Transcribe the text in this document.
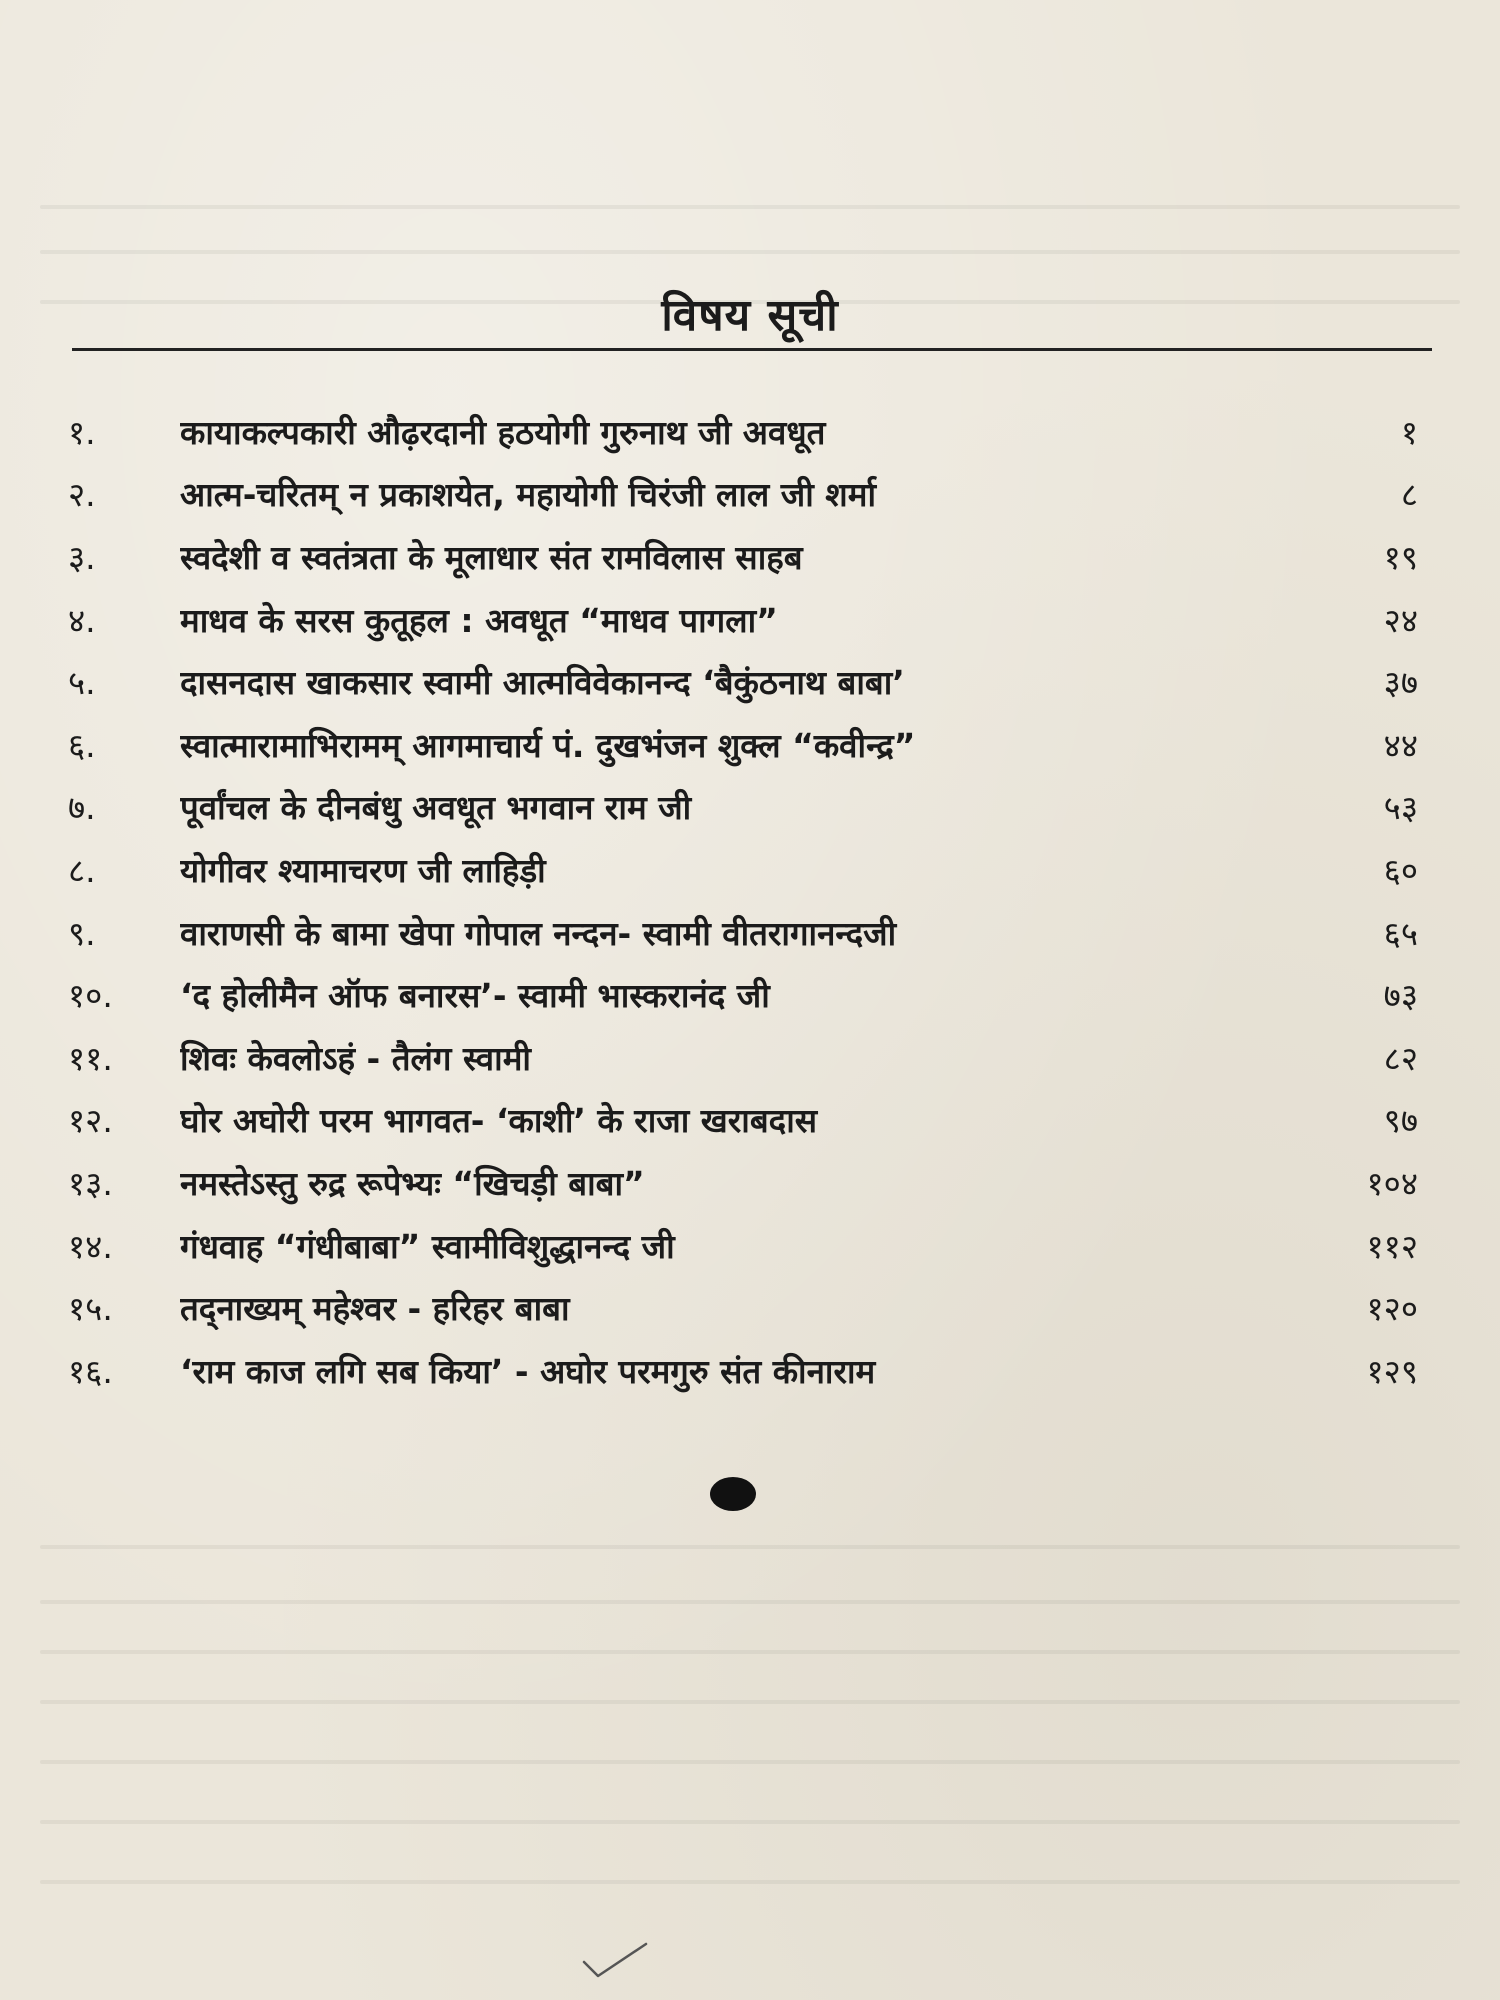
विषय सूची
१.	कायाकल्पकारी औढ़रदानी हठयोगी गुरुनाथ जी अवधूत	१
२.	आत्म-चरितम् न प्रकाशयेत, महायोगी चिरंजी लाल जी शर्मा	८
३.	स्वदेशी व स्वतंत्रता के मूलाधार संत रामविलास साहब	१९
४.	माधव के सरस कुतूहल : अवधूत “माधव पागला”	२४
५.	दासनदास खाकसार स्वामी आत्मविवेकानन्द ‘बैकुंठनाथ बाबा’	३७
६.	स्वात्मारामाभिरामम् आगमाचार्य पं. दुखभंजन शुक्ल “कवीन्द्र”	४४
७.	पूर्वांचल के दीनबंधु अवधूत भगवान राम जी	५३
८.	योगीवर श्यामाचरण जी लाहिड़ी	६०
९.	वाराणसी के बामा खेपा गोपाल नन्दन- स्वामी वीतरागानन्दजी	६५
१०.	‘द होलीमैन ऑफ बनारस’- स्वामी भास्करानंद जी	७३
११.	शिवः केवलोऽहं - तैलंग स्वामी	८२
१२.	घोर अघोरी परम भागवत- ‘काशी’ के राजा खराबदास	९७
१३.	नमस्तेऽस्तु रुद्र रूपेभ्यः “खिचड़ी बाबा”	१०४
१४.	गंधवाह “गंधीबाबा” स्वामीविशुद्धानन्द जी	११२
१५.	तद्नाख्यम् महेश्वर - हरिहर बाबा	१२०
१६.	‘राम काज लगि सब किया’ - अघोर परमगुरु संत कीनाराम	१२९
